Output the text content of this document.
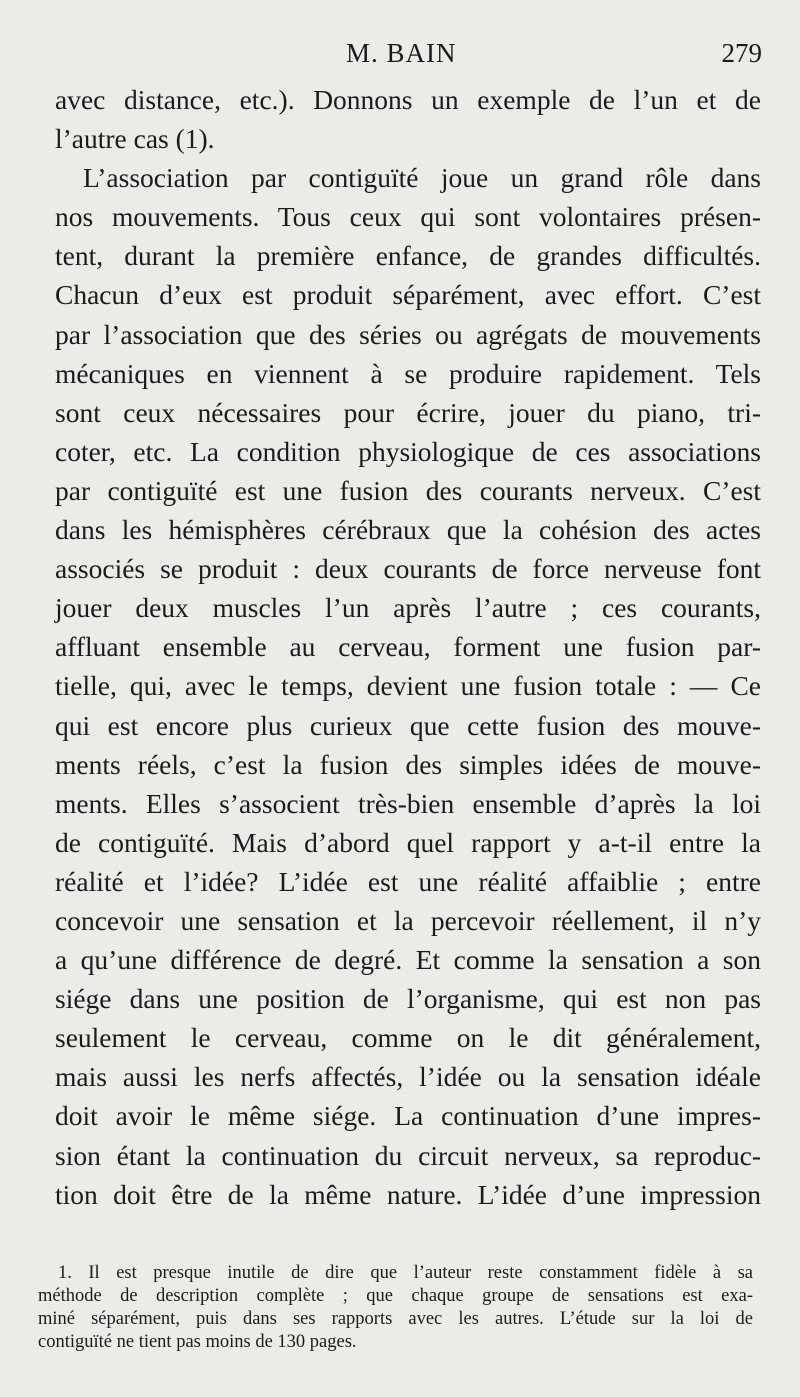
M. BAIN	279
avec distance, etc.). Donnons un exemple de l’un et de
l’autre cas (1).
L’association par contiguïté joue un grand rôle dans
nos mouvements. Tous ceux qui sont volontaires présen-
tent, durant la première enfance, de grandes difficultés.
Chacun d’eux est produit séparément, avec effort. C’est
par l’association que des séries ou agrégats de mouvements
mécaniques en viennent à se produire rapidement. Tels
sont ceux nécessaires pour écrire, jouer du piano, tri-
coter, etc. La condition physiologique de ces associations
par contiguïté est une fusion des courants nerveux. C’est
dans les hémisphères cérébraux que la cohésion des actes
associés se produit : deux courants de force nerveuse font
jouer deux muscles l’un après l’autre ; ces courants,
affluant ensemble au cerveau, forment une fusion par-
tielle, qui, avec le temps, devient une fusion totale : — Ce
qui est encore plus curieux que cette fusion des mouve-
ments réels, c’est la fusion des simples idées de mouve-
ments. Elles s’associent très-bien ensemble d’après la loi
de contiguïté. Mais d’abord quel rapport y a-t-il entre la
réalité et l’idée? L’idée est une réalité affaiblie ; entre
concevoir une sensation et la percevoir réellement, il n’y
a qu’une différence de degré. Et comme la sensation a son
siége dans une position de l’organisme, qui est non pas
seulement le cerveau, comme on le dit généralement,
mais aussi les nerfs affectés, l’idée ou la sensation idéale
doit avoir le même siége. La continuation d’une impres-
sion étant la continuation du circuit nerveux, sa reproduc-
tion doit être de la même nature. L’idée d’une impression
1. Il est presque inutile de dire que l’auteur reste constamment fidèle à sa
méthode de description complète ; que chaque groupe de sensations est exa-
miné séparément, puis dans ses rapports avec les autres. L’étude sur la loi de
contiguïté ne tient pas moins de 130 pages.
